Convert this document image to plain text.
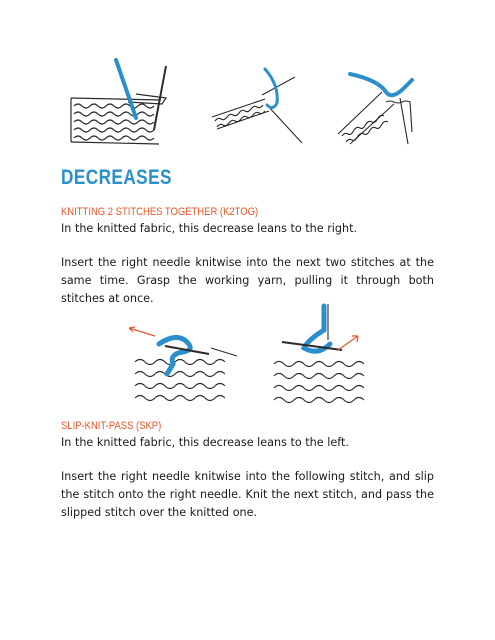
DECREASES
KNITTING 2 STITCHES TOGETHER (K2TOG)
In the knitted fabric, this decrease leans to the right.
Insert the right needle knitwise into the next two stitches at the same time. Grasp the working yarn, pulling it through both stitches at once.
SLIP-KNIT-PASS (SKP)
In the knitted fabric, this decrease leans to the left.
Insert the right needle knitwise into the following stitch, and slip the stitch onto the right needle. Knit the next stitch, and pass the slipped stitch over the knitted one.
